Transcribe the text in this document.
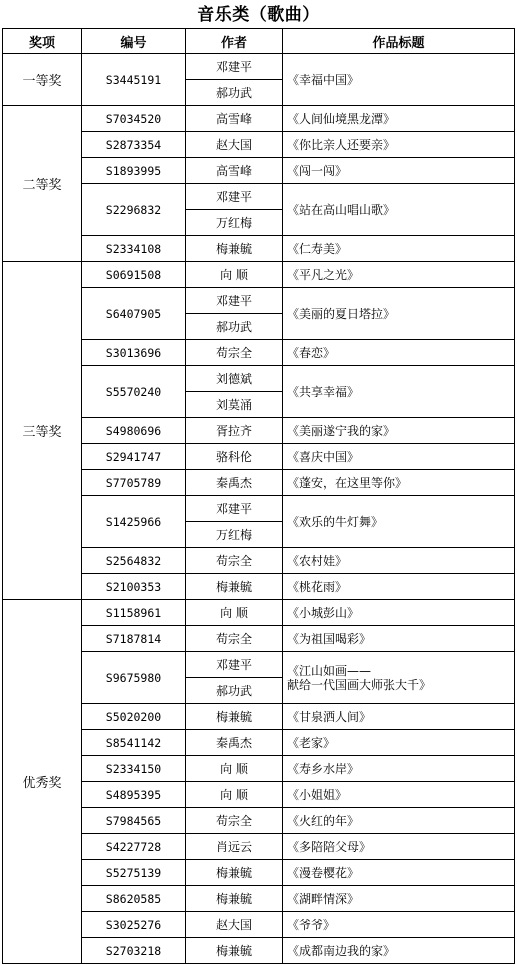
音乐类（歌曲）
奖项	编号	作者	作品标题
一等奖	S3445191	邓建平	《幸福中国》
		郝功武	
二等奖	S7034520	高雪峰	《人间仙境黑龙潭》
	S2873354	赵大国	《你比亲人还要亲》
	S1893995	高雪峰	《闯一闯》
	S2296832	邓建平	《站在高山唱山歌》
		万红梅	
	S2334108	梅兼毓	《仁寿美》
三等奖	S0691508	向 顺	《平凡之光》
	S6407905	邓建平	《美丽的夏日塔拉》
		郝功武	
	S3013696	苟宗全	《春恋》
	S5570240	刘德斌	《共享幸福》
		刘莫涌	
	S4980696	胥拉齐	《美丽遂宁我的家》
	S2941747	骆科伦	《喜庆中国》
	S7705789	秦禹杰	《蓬安，在这里等你》
	S1425966	邓建平	《欢乐的牛灯舞》
		万红梅	
	S2564832	苟宗全	《农村娃》
	S2100353	梅兼毓	《桃花雨》
优秀奖	S1158961	向 顺	《小城彭山》
	S7187814	苟宗全	《为祖国喝彩》
	S9675980	邓建平	《江山如画——
献给一代国画大师张大千》
		郝功武	
	S5020200	梅兼毓	《甘泉洒人间》
	S8541142	秦禹杰	《老家》
	S2334150	向 顺	《寿乡水岸》
	S4895395	向 顺	《小姐姐》
	S7984565	苟宗全	《火红的年》
	S4227728	肖远云	《多陪陪父母》
	S5275139	梅兼毓	《漫卷樱花》
	S8620585	梅兼毓	《湖畔情深》
	S3025276	赵大国	《爷爷》
	S2703218	梅兼毓	《成都南边我的家》
